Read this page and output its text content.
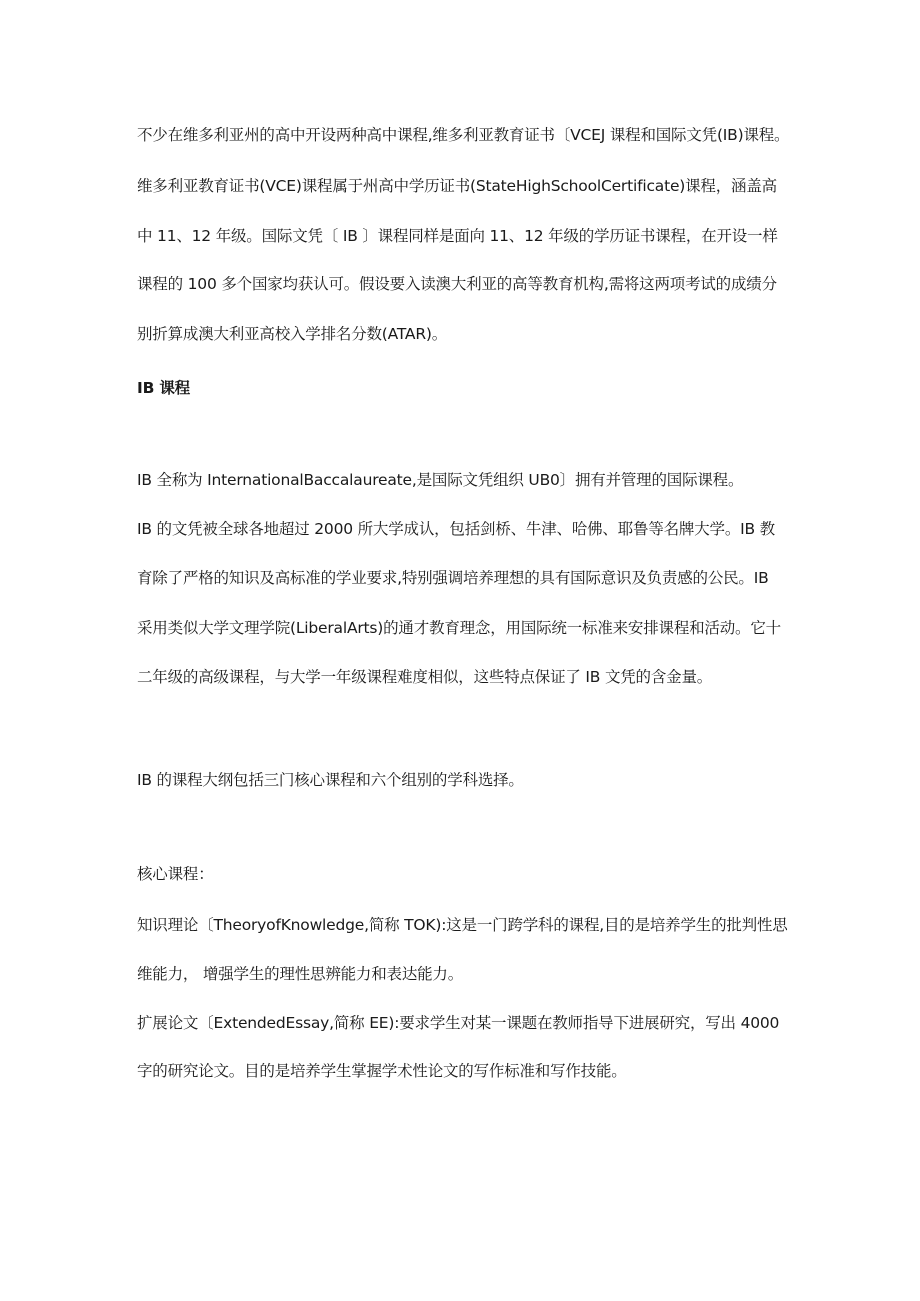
不少在维多利亚州的高中开设两种高中课程,维多利亚教育证书〔VCEJ 课程和国际文凭(IB)课程。
维多利亚教育证书(VCE)课程属于州高中学历证书(StateHighSchoolCertificate)课程，涵盖高
中 11、12 年级。国际文凭〔 IB 〕课程同样是面向 11、12 年级的学历证书课程，在开设一样
课程的 100 多个国家均获认可。假设要入读澳大利亚的高等教育机构,需将这两项考试的成绩分
别折算成澳大利亚高校入学排名分数(ATAR)。
IB 课程
IB 全称为 InternationalBaccalaureate,是国际文凭组织 UB0〕拥有并管理的国际课程。
IB 的文凭被全球各地超过 2000 所大学成认，包括剑桥、牛津、哈佛、耶鲁等名牌大学。IB 教
育除了严格的知识及高标准的学业要求,特别强调培养理想的具有国际意识及负责感的公民。IB
采用类似大学文理学院(LiberalArts)的通才教育理念，用国际统一标准来安排课程和活动。它十
二年级的高级课程，与大学一年级课程难度相似，这些特点保证了 IB 文凭的含金量。
IB 的课程大纲包括三门核心课程和六个组别的学科选择。
核心课程：
知识理论〔TheoryofKnowledge,简称 TOK):这是一门跨学科的课程,目的是培养学生的批判性思
维能力， 增强学生的理性思辨能力和表达能力。
扩展论文〔ExtendedEssay,简称 EE):要求学生对某一课题在教师指导下进展研究，写出 4000
字的研究论文。目的是培养学生掌握学术性论文的写作标准和写作技能。
